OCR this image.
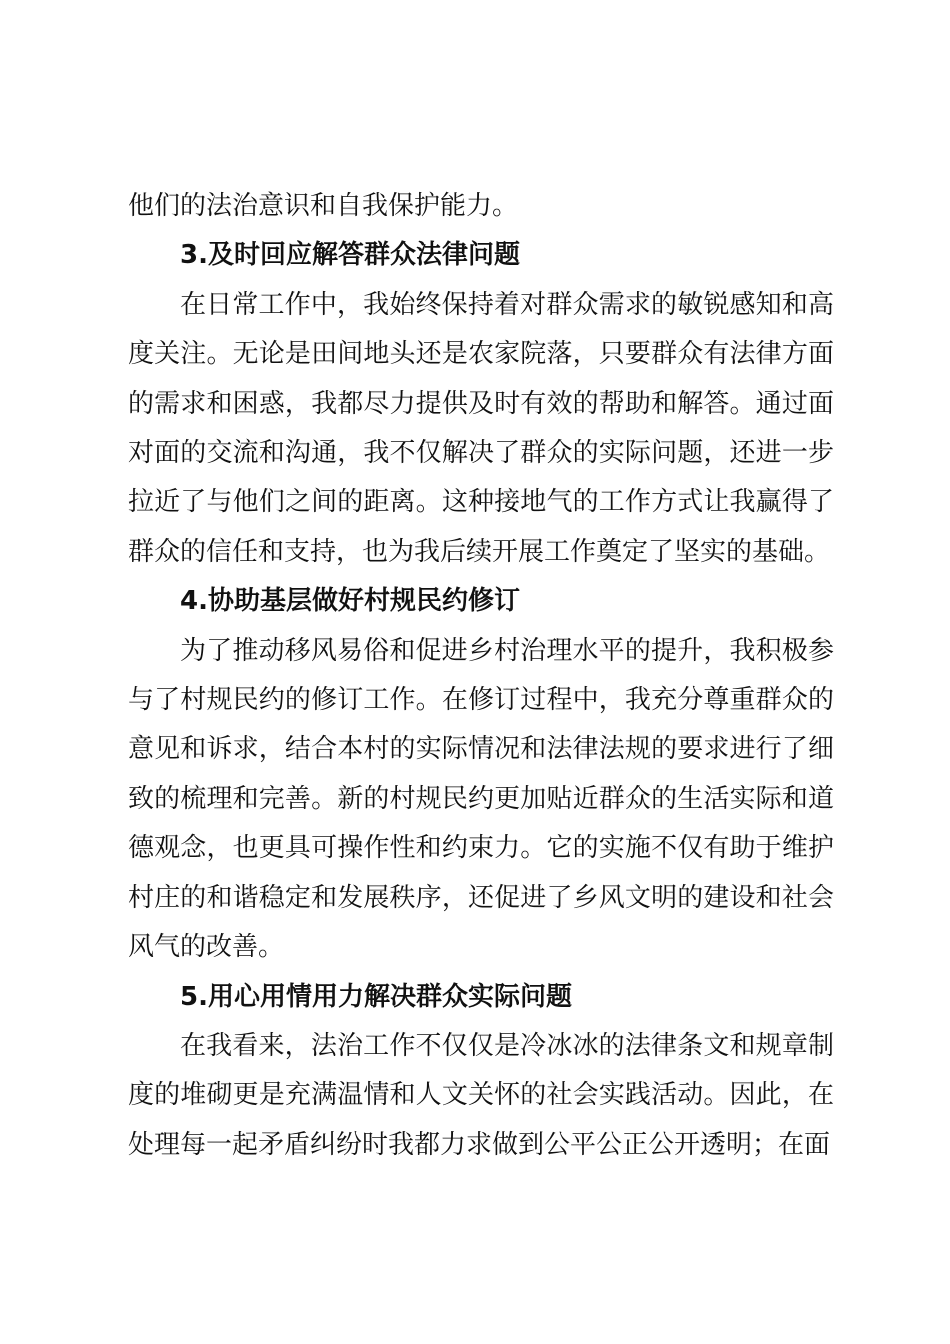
他们的法治意识和自我保护能力。

3.及时回应解答群众法律问题

在日常工作中，我始终保持着对群众需求的敏锐感知和高度关注。无论是田间地头还是农家院落，只要群众有法律方面的需求和困惑，我都尽力提供及时有效的帮助和解答。通过面对面的交流和沟通，我不仅解决了群众的实际问题，还进一步拉近了与他们之间的距离。这种接地气的工作方式让我赢得了群众的信任和支持，也为我后续开展工作奠定了坚实的基础。

4.协助基层做好村规民约修订

为了推动移风易俗和促进乡村治理水平的提升，我积极参与了村规民约的修订工作。在修订过程中，我充分尊重群众的意见和诉求，结合本村的实际情况和法律法规的要求进行了细致的梳理和完善。新的村规民约更加贴近群众的生活实际和道德观念，也更具可操作性和约束力。它的实施不仅有助于维护村庄的和谐稳定和发展秩序，还促进了乡风文明的建设和社会风气的改善。

5.用心用情用力解决群众实际问题

在我看来，法治工作不仅仅是冷冰冰的法律条文和规章制度的堆砌更是充满温情和人文关怀的社会实践活动。因此，在处理每一起矛盾纠纷时我都力求做到公平公正公开透明；在面
